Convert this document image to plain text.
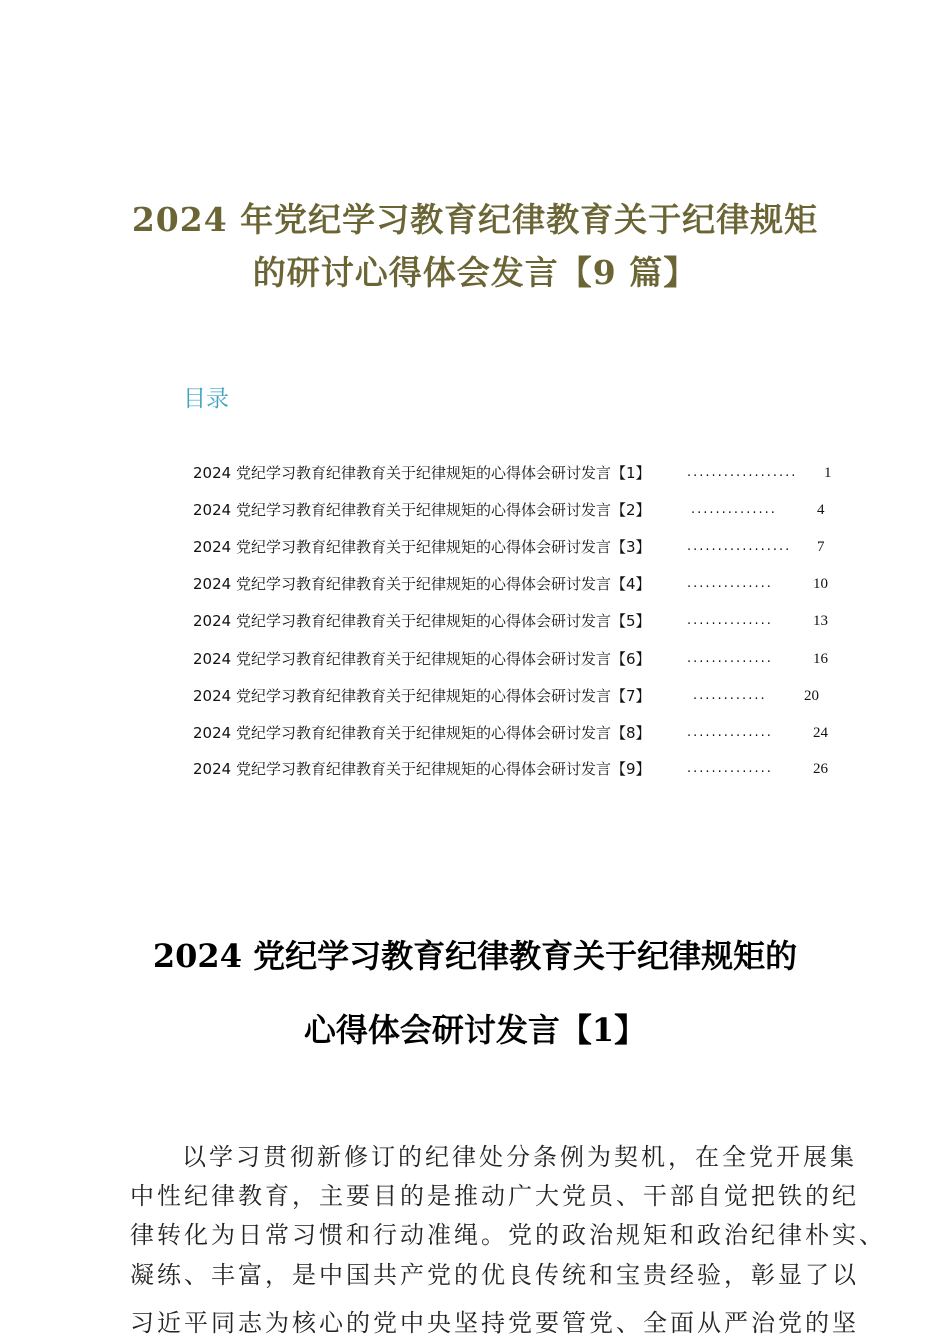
2024 年党纪学习教育纪律教育关于纪律规矩
的研讨心得体会发言【9 篇】
目录
2024 党纪学习教育纪律教育关于纪律规矩的心得体会研讨发言【1】	.................. 1
2024 党纪学习教育纪律教育关于纪律规矩的心得体会研讨发言【2】	..............	4
2024 党纪学习教育纪律教育关于纪律规矩的心得体会研讨发言【3】	................. 7
2024 党纪学习教育纪律教育关于纪律规矩的心得体会研讨发言【4】	..............	10
2024 党纪学习教育纪律教育关于纪律规矩的心得体会研讨发言【5】	..............	13
2024 党纪学习教育纪律教育关于纪律规矩的心得体会研讨发言【6】	..............	16
2024 党纪学习教育纪律教育关于纪律规矩的心得体会研讨发言【7】	............ 20
2024 党纪学习教育纪律教育关于纪律规矩的心得体会研讨发言【8】	..............	24
2024 党纪学习教育纪律教育关于纪律规矩的心得体会研讨发言【9】	..............	26
2024 党纪学习教育纪律教育关于纪律规矩的
心得体会研讨发言【1】
以学习贯彻新修订的纪律处分条例为契机，在全党开展集
中性纪律教育，主要目的是推动广大党员、干部自觉把铁的纪
律转化为日常习惯和行动准绳。党的政治规矩和政治纪律朴实、
凝练、丰富，是中国共产党的优良传统和宝贵经验，彰显了以
习近平同志为核心的党中央坚持党要管党、全面从严治党的坚
